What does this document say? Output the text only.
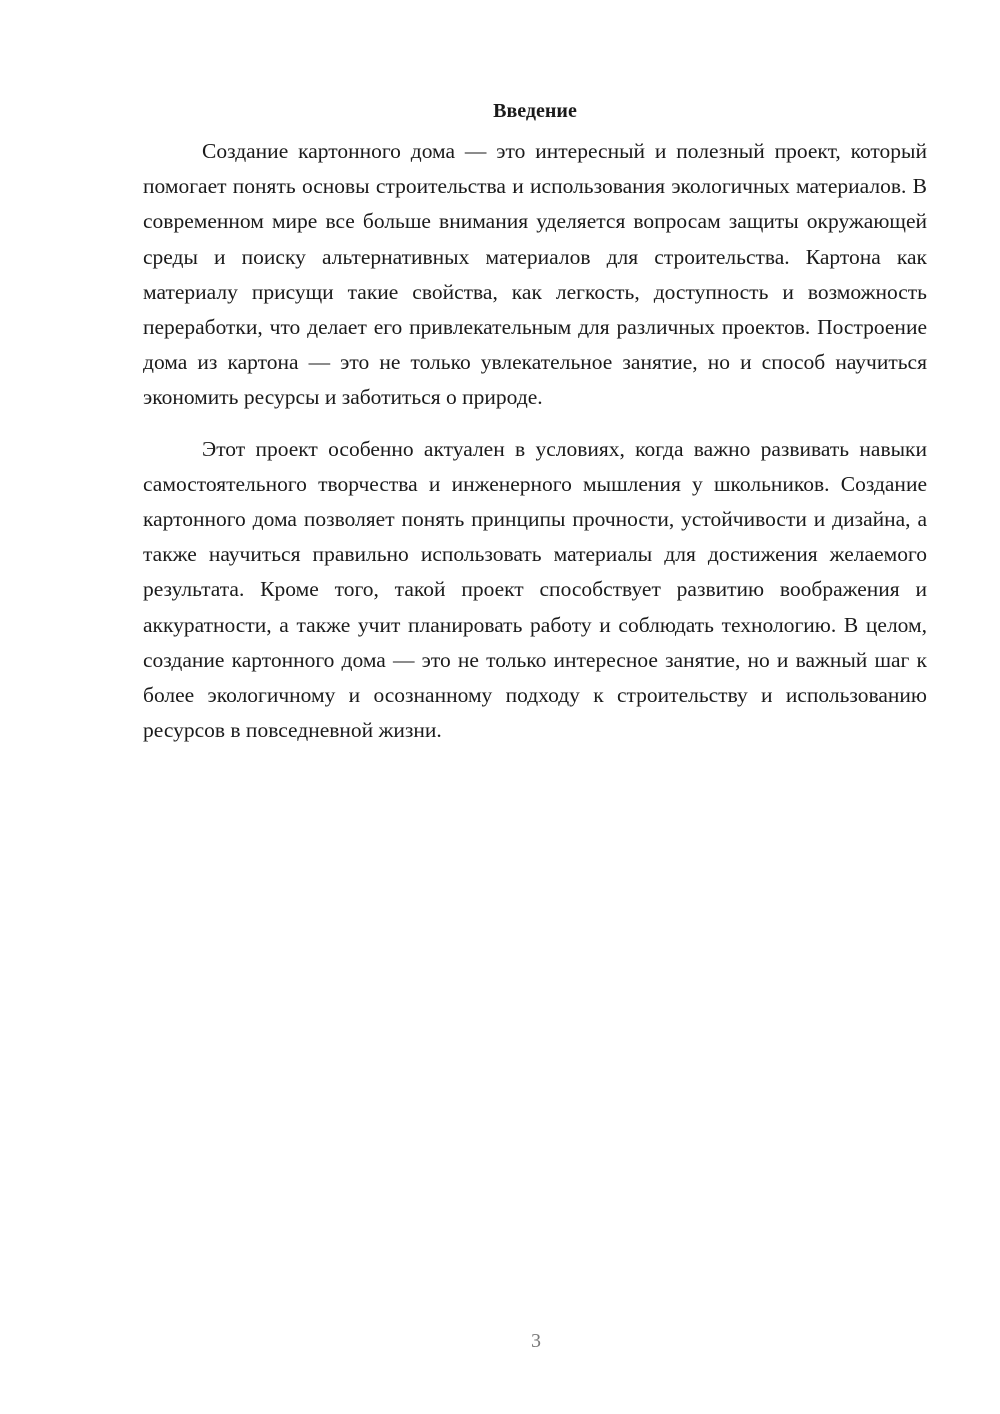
Введение

Создание картонного дома — это интересный и полезный проект, который помогает понять основы строительства и использования экологичных материалов. В современном мире все больше внимания уделяется вопросам защиты окружающей среды и поиску альтернативных материалов для строительства. Картона как материалу присущи такие свойства, как легкость, доступность и возможность переработки, что делает его привлекательным для различных проектов. Построение дома из картона — это не только увлекательное занятие, но и способ научиться экономить ресурсы и заботиться о природе.

Этот проект особенно актуален в условиях, когда важно развивать навыки самостоятельного творчества и инженерного мышления у школьников. Создание картонного дома позволяет понять принципы прочности, устойчивости и дизайна, а также научиться правильно использовать материалы для достижения желаемого результата. Кроме того, такой проект способствует развитию воображения и аккуратности, а также учит планировать работу и соблюдать технологию. В целом, создание картонного дома — это не только интересное занятие, но и важный шаг к более экологичному и осознанному подходу к строительству и использованию ресурсов в повседневной жизни.

3
